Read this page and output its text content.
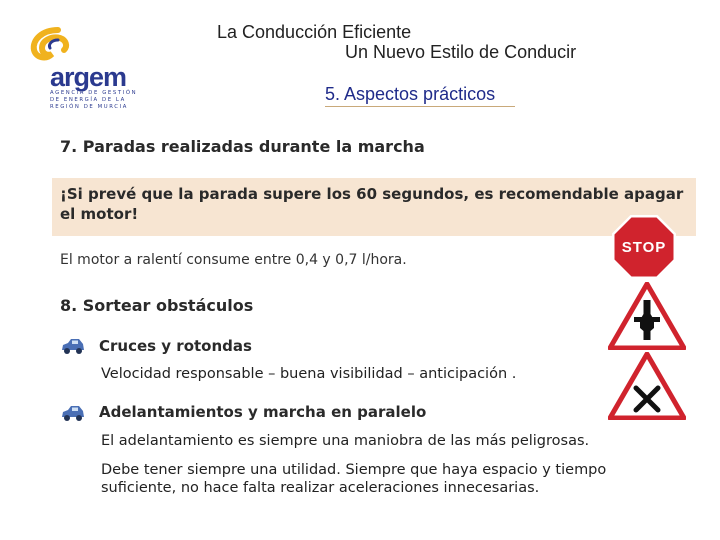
argem
AGENCIA DE GESTIÓN
DE ENERGÍA DE LA
REGIÓN DE MURCIA
La Conducción Eficiente
Un Nuevo Estilo de Conducir
5. Aspectos prácticos
7. Paradas realizadas durante la marcha
¡Si prevé que la parada supere los 60 segundos, es recomendable apagar el motor!
El motor a ralentí consume entre 0,4 y 0,7 l/hora.
STOP
8. Sortear obstáculos
Cruces y rotondas
Velocidad responsable – buena visibilidad – anticipación .
Adelantamientos y marcha en paralelo
El adelantamiento es siempre una maniobra de las más peligrosas.
Debe tener siempre una utilidad. Siempre que haya espacio y tiempo suficiente, no hace falta realizar aceleraciones innecesarias.
